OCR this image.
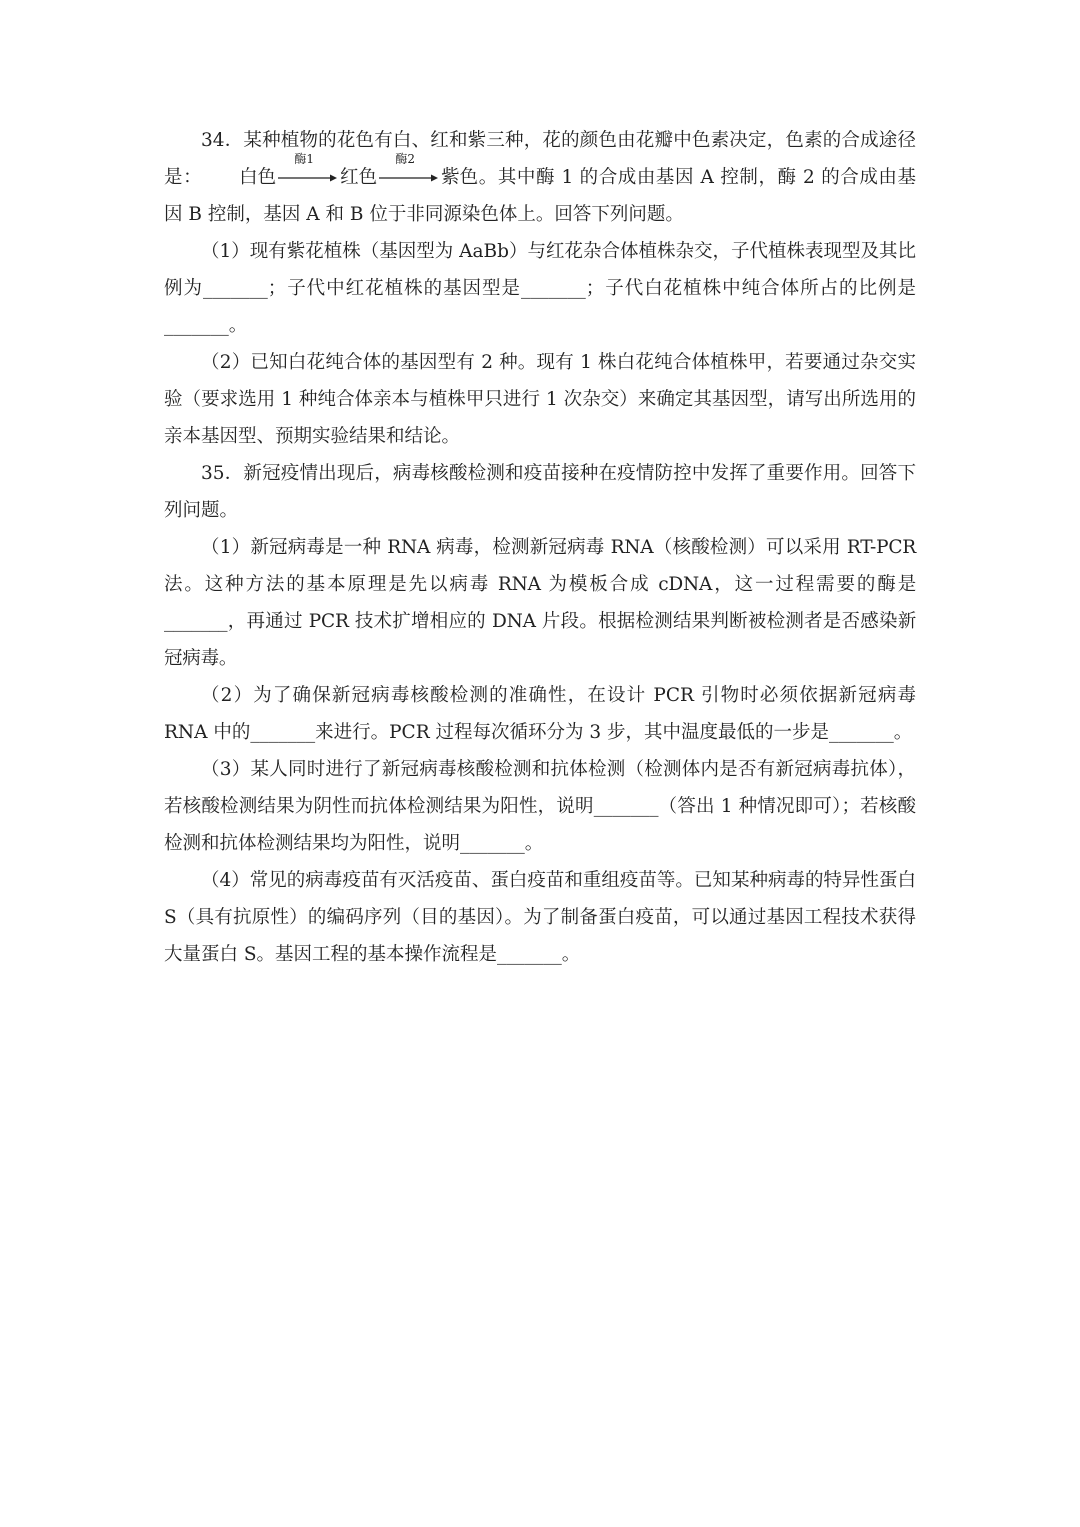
34．某种植物的花色有白、红和紫三种，花的颜色由花瓣中色素决定，色素的合成途径是： 白色
酶1
红色
酶2
紫色。其中酶 1 的合成由基因 A 控制，酶 2 的合成由基因 B 控制，基因 A 和 B 位于非同源染色体上。回答下列问题。

（1）现有紫花植株（基因型为 AaBb）与红花杂合体植株杂交，子代植株表现型及其比例为_______；子代中红花植株的基因型是_______；子代白花植株中纯合体所占的比例是_______。

（2）已知白花纯合体的基因型有 2 种。现有 1 株白花纯合体植株甲，若要通过杂交实验（要求选用 1 种纯合体亲本与植株甲只进行 1 次杂交）来确定其基因型，请写出所选用的亲本基因型、预期实验结果和结论。

35．新冠疫情出现后，病毒核酸检测和疫苗接种在疫情防控中发挥了重要作用。回答下列问题。

（1）新冠病毒是一种 RNA 病毒，检测新冠病毒 RNA（核酸检测）可以采用 RT-PCR 法。这种方法的基本原理是先以病毒 RNA 为模板合成 cDNA，这一过程需要的酶是_______，再通过 PCR 技术扩增相应的 DNA 片段。根据检测结果判断被检测者是否感染新冠病毒。

（2）为了确保新冠病毒核酸检测的准确性，在设计 PCR 引物时必须依据新冠病毒 RNA 中的_______来进行。PCR 过程每次循环分为 3 步，其中温度最低的一步是_______。

（3）某人同时进行了新冠病毒核酸检测和抗体检测（检测体内是否有新冠病毒抗体），若核酸检测结果为阴性而抗体检测结果为阳性，说明_______（答出 1 种情况即可）；若核酸检测和抗体检测结果均为阳性，说明_______。

（4）常见的病毒疫苗有灭活疫苗、蛋白疫苗和重组疫苗等。已知某种病毒的特异性蛋白 S（具有抗原性）的编码序列（目的基因）。为了制备蛋白疫苗，可以通过基因工程技术获得大量蛋白 S。基因工程的基本操作流程是_______。
